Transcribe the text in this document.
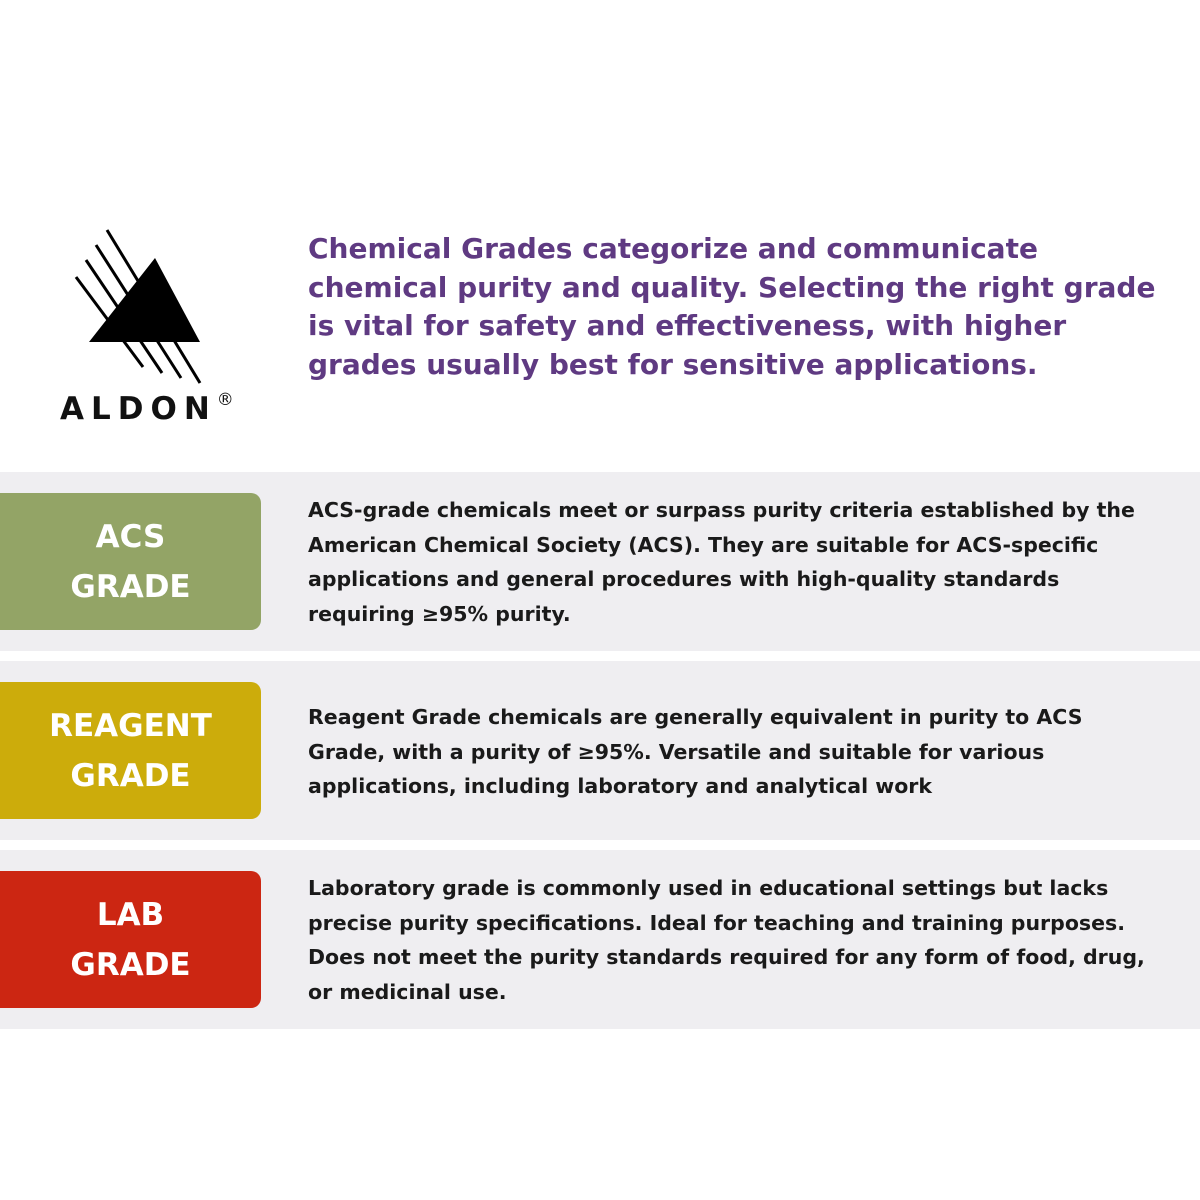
ALDON®

Chemical Grades categorize and communicate chemical purity and quality. Selecting the right grade is vital for safety and effectiveness, with higher grades usually best for sensitive applications.

ACS
GRADE

ACS-grade chemicals meet or surpass purity criteria established by the American Chemical Society (ACS). They are suitable for ACS-specific applications and general procedures with high-quality standards requiring ≥95% purity.

REAGENT
GRADE

Reagent Grade chemicals are generally equivalent in purity to ACS Grade, with a purity of ≥95%. Versatile and suitable for various applications, including laboratory and analytical work

LAB
GRADE

Laboratory grade is commonly used in educational settings but lacks precise purity specifications. Ideal for teaching and training purposes. Does not meet the purity standards required for any form of food, drug, or medicinal use.
